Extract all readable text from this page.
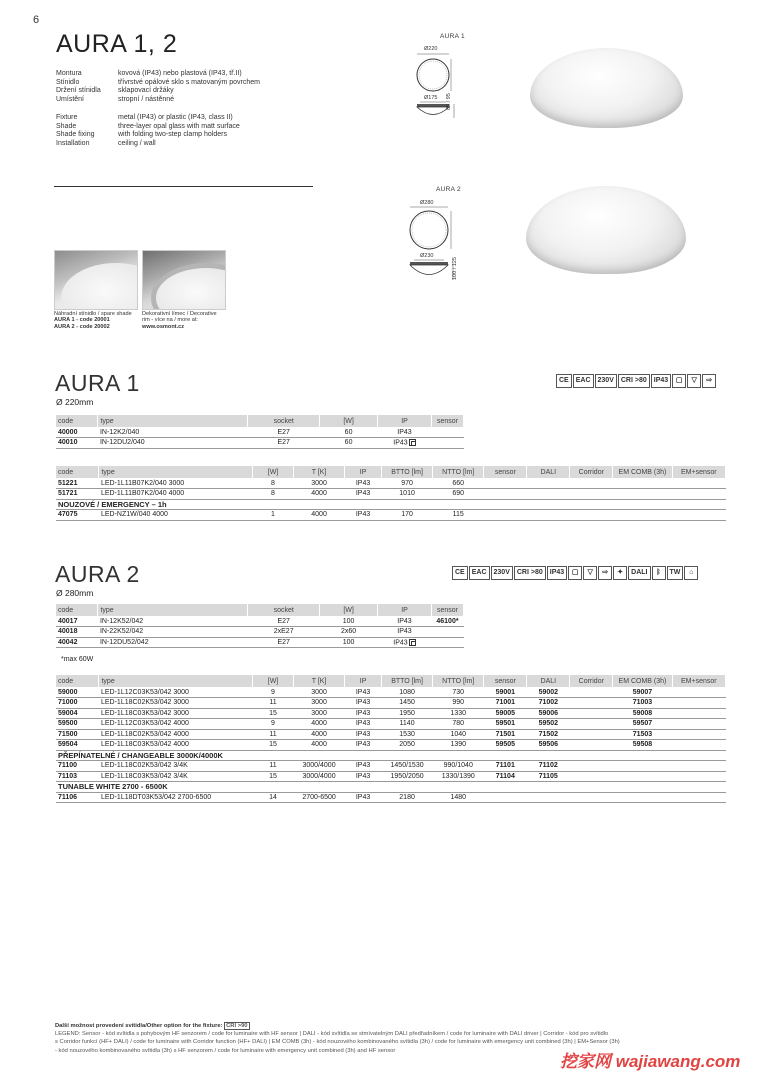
6
AURA 1, 2
Montura	kovová (IP43) nebo plastová (IP43, tř.II)
Stínidlo	třívrstvé opálové sklo s matovaným povrchem
Držení stínidla	sklapovací držáky
Umístění	stropní / nástěnné
Fixture	metal (IP43) or plastic (IP43, class II)
Shade	three-layer opal glass with matt surface
Shade fixing	with folding two-step clamp holders
Installation	ceiling / wall
Náhradní stínidlo / spare shade
AURA 1 - code 20001
AURA 2 - code 20002
Dekorativní límec / Decorative
rim - více na / more at:
www.osmont.cz
AURA 1
Ø220
Ø175 85 / 95
AURA 2
Ø280
Ø230
100 / 125
AURA 1
Ø 220mm
CE	EAC	230V	CRI >80	IP43	▢	▽	⇨
code	type	socket	[W]	IP	sensor
40000	IN-12K2/040	E27	60	IP43	
40010	IN-12DU2/040	E27	60	IP43	
code	type	[W]	T [K]	IP	BTTO [lm]	NTTO [lm]	sensor	DALI	Corridor	EM COMB (3h)	EM+sensor
51221	LED-1L11B07K2/040 3000	8	3000	IP43	970	660					
51721	LED-1L11B07K2/040 4000	8	4000	IP43	1010	690					
NOUZOVÉ / EMERGENCY – 1h											
47075	LED-NZ1W/040 4000	1	4000	IP43	170	115					
AURA 2
Ø 280mm
CE	EAC	230V	CRI >80	IP43	▢	▽	⇨	✦	DALI	ᛒ	TW	⌂
code	type	socket	[W]	IP	sensor
40017	IN-12K52/042	E27	100	IP43	46100*
40018	IN-22K52/042	2xE27	2x60	IP43	
40042	IN-12DU52/042	E27	100	IP43	
*max 60W
code	type	[W]	T [K]	IP	BTTO [lm]	NTTO [lm]	sensor	DALI	Corridor	EM COMB (3h)	EM+sensor
59000	LED-1L12C03K53/042 3000	9	3000	IP43	1080	730	59001	59002		59007	
71000	LED-1L18C02K53/042 3000	11	3000	IP43	1450	990	71001	71002		71003	
59004	LED-1L18C03K53/042 3000	15	3000	IP43	1950	1330	59005	59006		59008	
59500	LED-1L12C03K53/042 4000	9	4000	IP43	1140	780	59501	59502		59507	
71500	LED-1L18C02K53/042 4000	11	4000	IP43	1530	1040	71501	71502		71503	
59504	LED-1L18C03K53/042 4000	15	4000	IP43	2050	1390	59505	59506		59508	
PŘEPÍNATELNÉ / CHANGEABLE 3000K/4000K											
71100	LED-1L18C02K53/042 3/4K	11	3000/4000	IP43	1450/1530	990/1040	71101	71102			
71103	LED-1L18C03K53/042 3/4K	15	3000/4000	IP43	1950/2050	1330/1390	71104	71105			
TUNABLE WHITE 2700 - 6500K											
71106	LED-1L18DT03K53/042 2700-6500	14	2700-6500	IP43	2180	1480					
Další možnost provedení svítidla/Other option for the fixture: CRI >90
LEGEND: Sensor - kód svítidla s pohybovým HF senzorem / code for luminaire with HF sensor | DALI - kód svítidla se stmívatelným DALI předřadníkem / code for luminaire with DALI driver | Corridor - kód pro svítidlo
s Corridor funkcí (HF+ DALI) / code for luminaire with Corridor function (HF+ DALI) | EM COMB (3h) - kód nouzového kombinovaného svítidla (3h) / code for luminaire with emergency unit combined (3h) | EM+Sensor (3h)
- kód nouzového kombinovaného svítidla (3h) s HF senzorem / code for luminaire with emergency unit combined (3h) and HF sensor
挖家网 wajiawang.com
